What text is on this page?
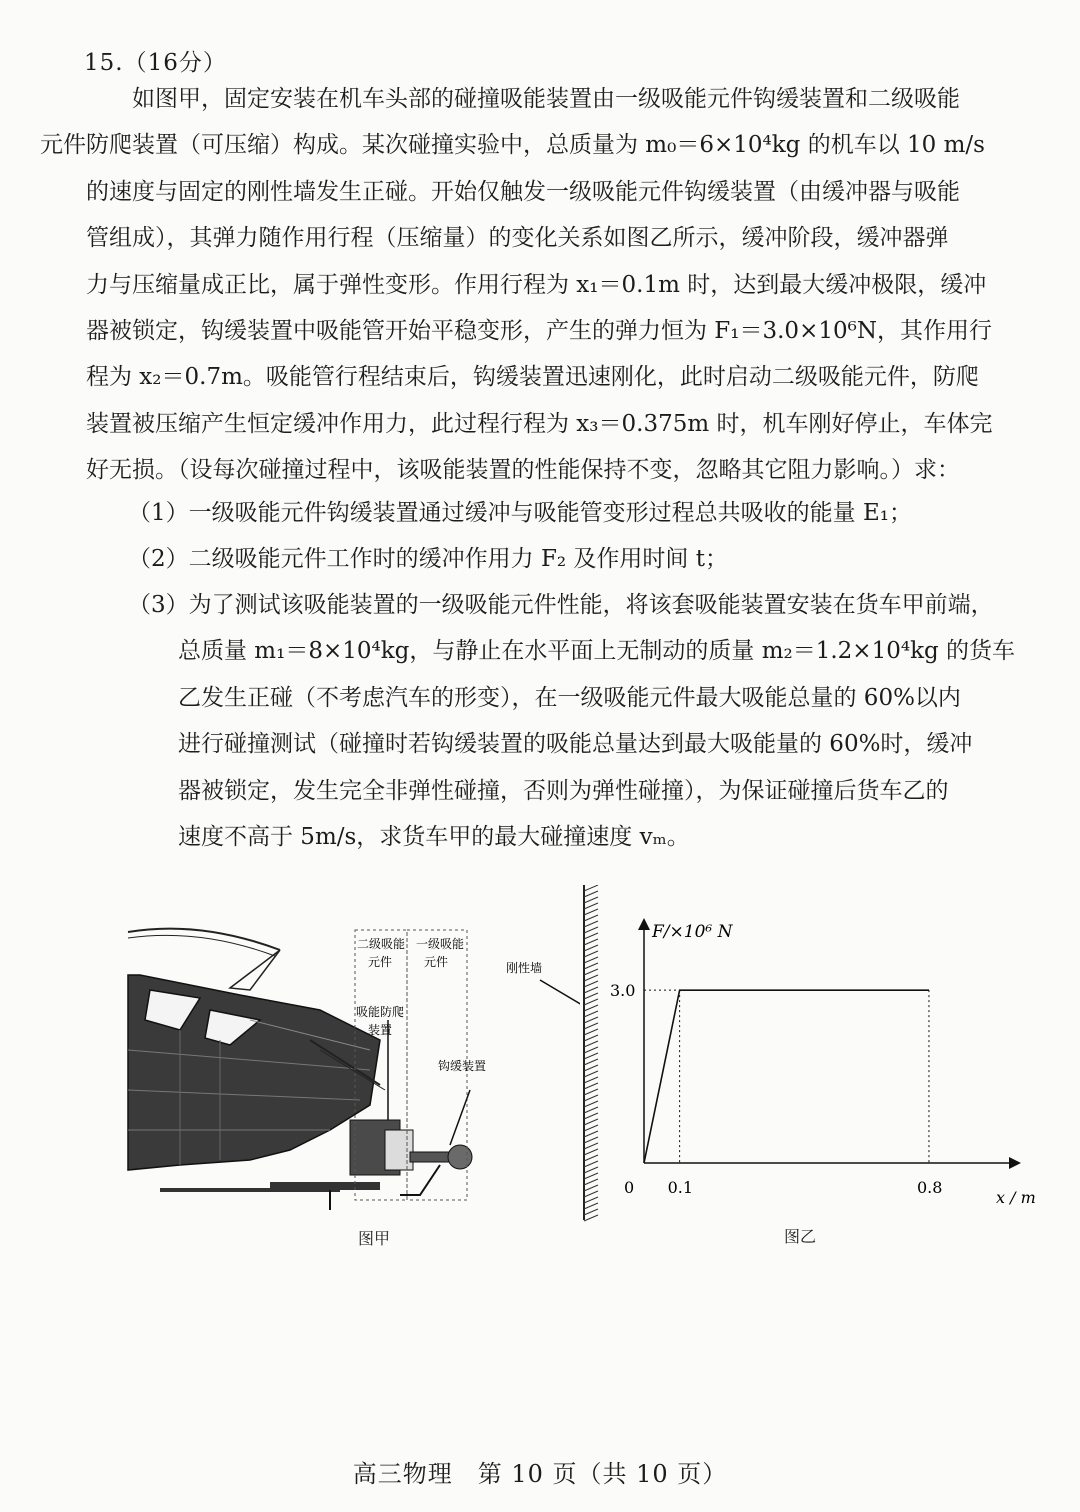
15.（16分）
如图甲，固定安装在机车头部的碰撞吸能装置由一级吸能元件钩缓装置和二级吸能
元件防爬装置（可压缩）构成。某次碰撞实验中，总质量为 m₀＝6×10⁴kg 的机车以 10 m/s
的速度与固定的刚性墙发生正碰。开始仅触发一级吸能元件钩缓装置（由缓冲器与吸能
管组成），其弹力随作用行程（压缩量）的变化关系如图乙所示，缓冲阶段，缓冲器弹
力与压缩量成正比，属于弹性变形。作用行程为 x₁＝0.1m 时，达到最大缓冲极限，缓冲
器被锁定，钩缓装置中吸能管开始平稳变形，产生的弹力恒为 F₁＝3.0×10⁶N，其作用行
程为 x₂＝0.7m。吸能管行程结束后，钩缓装置迅速刚化，此时启动二级吸能元件，防爬
装置被压缩产生恒定缓冲作用力，此过程行程为 x₃＝0.375m 时，机车刚好停止，车体完
好无损。（设每次碰撞过程中，该吸能装置的性能保持不变，忽略其它阻力影响。）求：
（1）一级吸能元件钩缓装置通过缓冲与吸能管变形过程总共吸收的能量 E₁；
（2）二级吸能元件工作时的缓冲作用力 F₂ 及作用时间 t；
（3）为了测试该吸能装置的一级吸能元件性能，将该套吸能装置安装在货车甲前端，
总质量 m₁＝8×10⁴kg，与静止在水平面上无制动的质量 m₂＝1.2×10⁴kg 的货车
乙发生正碰（不考虑汽车的形变），在一级吸能元件最大吸能总量的 60%以内
进行碰撞测试（碰撞时若钩缓装置的吸能总量达到最大吸能量的 60%时，缓冲
器被锁定，发生完全非弹性碰撞，否则为弹性碰撞），为保证碰撞后货车乙的
速度不高于 5m/s，求货车甲的最大碰撞速度 vₘ。
二级吸能
元件
一级吸能
元件
吸能防爬
装置
钩缓装置
刚性墙
图甲
F/×10⁶ N
x / m
0 0.1	0.8
3.0
图乙
高三物理　第 10 页（共 10 页）
